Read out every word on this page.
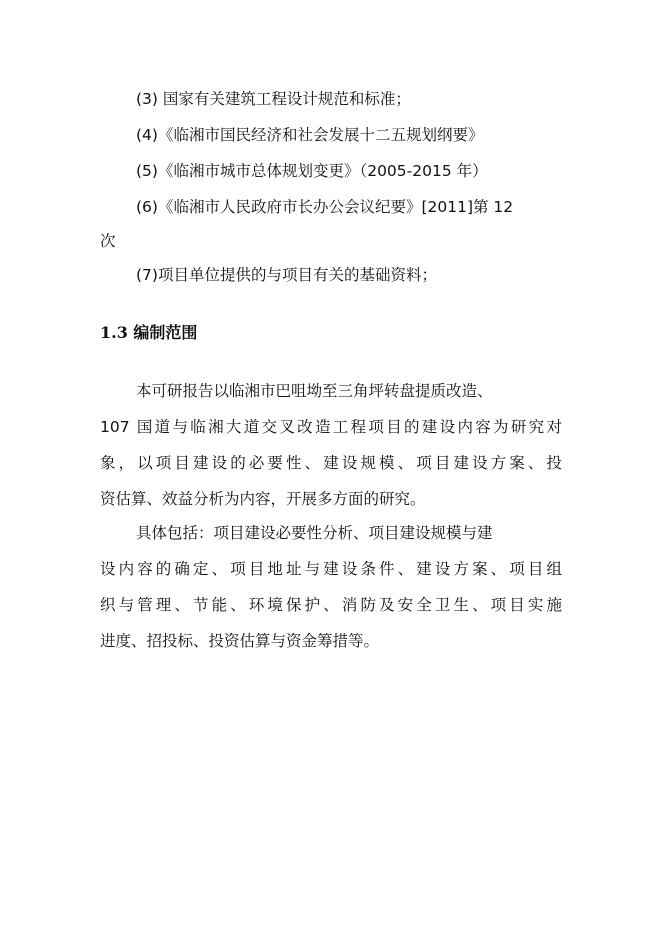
(3) 国家有关建筑工程设计规范和标准；
(4)《临湘市国民经济和社会发展十二五规划纲要》
(5)《临湘市城市总体规划变更》（2005-2015 年）
(6)《临湘市人民政府市长办公会议纪要》[2011]第 12
次
(7)项目单位提供的与项目有关的基础资料；
1.3 编制范围
本可研报告以临湘市巴咀坳至三角坪转盘提质改造、
107 国道与临湘大道交叉改造工程项目的建设内容为研究对
象，以项目建设的必要性、建设规模、项目建设方案、投
资估算、效益分析为内容，开展多方面的研究。
具体包括：项目建设必要性分析、项目建设规模与建
设内容的确定、项目地址与建设条件、建设方案、项目组
织与管理、节能、环境保护、消防及安全卫生、项目实施
进度、招投标、投资估算与资金筹措等。
